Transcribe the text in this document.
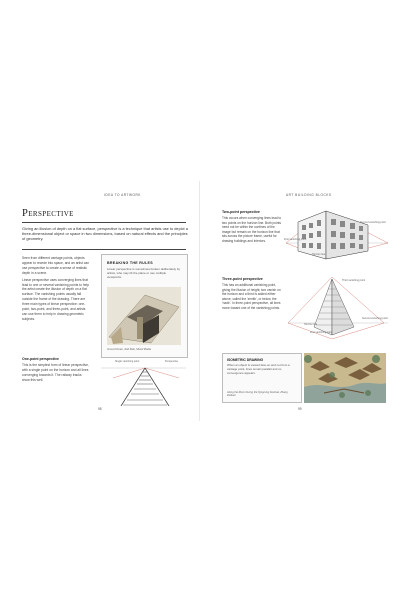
IDEA TO ARTWORK
Perspective
Giving an illusion of depth on a flat surface, perspective is a technique that artists use to depict a three-dimensional object or space in two dimensions, based on natural effects and the principles of geometry.

Seen from different vantage points, objects appear to recede into space, and an artist can use perspective to create a sense of realistic depth in a scene.

Linear perspective uses converging lines that lead to one or several vanishing points to help the artist create the illusion of depth on a flat surface. The vanishing points usually fall outside the frame of the drawing. There are three main types of linear perspective: one-point, two-point, and three-point, and artists can use them to help in drawing geometric subjects.

BREAKING THE RULES
Linear perspective is sometimes broken deliberately by artists, who may tilt the plane or use multiple viewpoints.
Ground Down, Rail Slab, Mixed Media
One-point perspective
This is the simplest form of linear perspective, with a single point on the horizon and all lines converging towards it. The railway tracks show this well.
Single vanishing point	Perspective
98
ART BUILDING BLOCKS
Two-point perspective
This occurs when converging lines lead to two points on the horizon line. Both points need not be within the confines of the image but remain on the horizon line that sits across the picture frame, useful for drawing buildings and interiors.	First vanishing point
Second vanishing point
Horizon line
Three-point perspective
This has an additional vanishing point, giving the illusion of height; two vanish on the horizon and a third is added either above, called the 'zenith', or below, the 'nadir'. In three-point perspective, all lines move toward one of the vanishing points.
Third vanishing point
First vanishing point
Second vanishing point
Horizon line
ISOMETRIC DRAWING
When an object is viewed face-on and not from a vantage point, lines remain parallel and no convergence appears.
Along the River During the Qingming Festival, Zhang Zeduan
99
